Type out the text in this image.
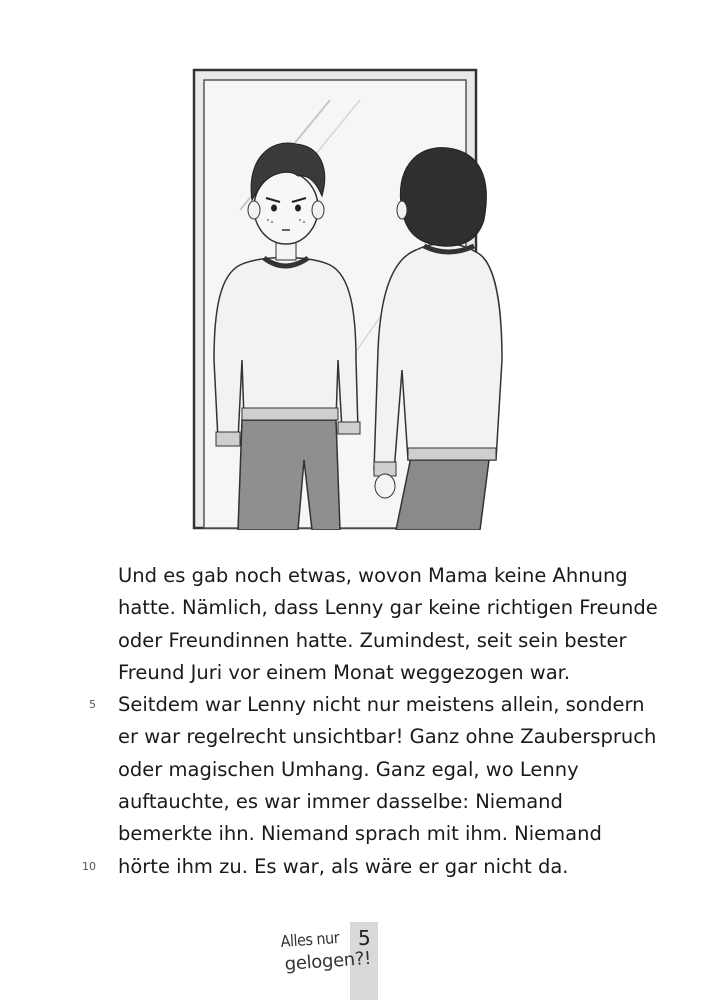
Und es gab noch etwas, wovon Mama keine Ahnung
hatte. Nämlich, dass Lenny gar keine richtigen Freunde
oder Freundinnen hatte. Zumindest, seit sein bester
Freund Juri vor einem Monat weggezogen war.
5 Seitdem war Lenny nicht nur meistens allein, sondern
er war regelrecht unsichtbar! Ganz ohne Zauberspruch
oder magischen Umhang. Ganz egal, wo Lenny
auftauchte, es war immer dasselbe: Niemand
bemerkte ihn. Niemand sprach mit ihm. Niemand
10 hörte ihm zu. Es war, als wäre er gar nicht da.
5
Alles nur
gelogen?!
